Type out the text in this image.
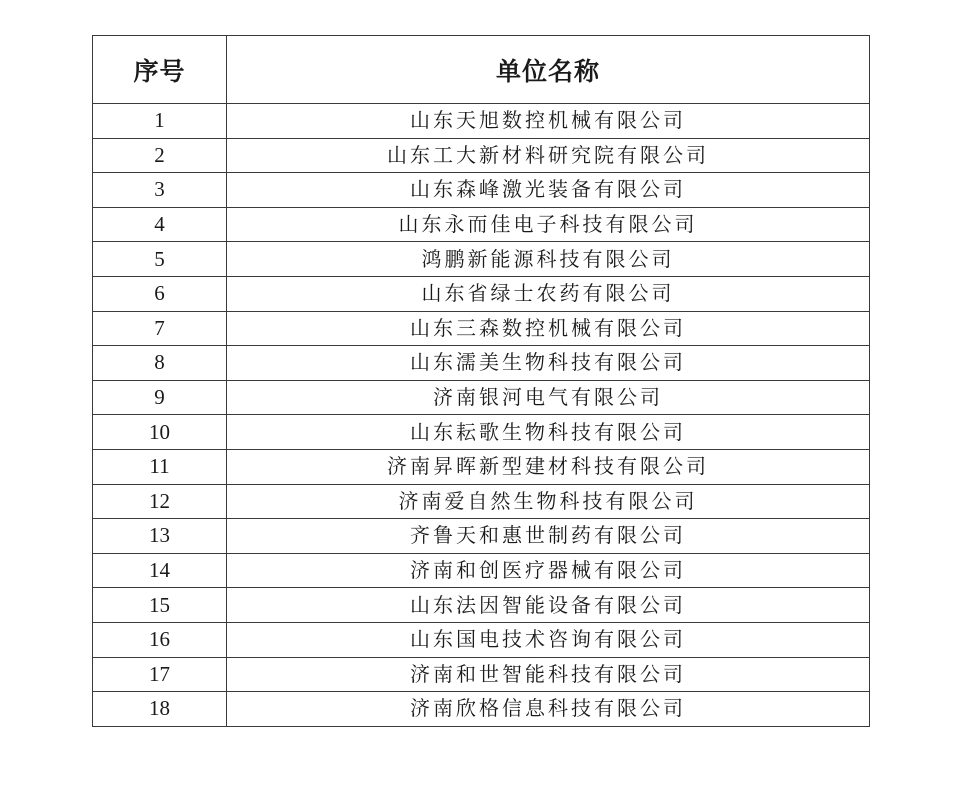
序号	单位名称
1	山东天旭数控机械有限公司
2	山东工大新材料研究院有限公司
3	山东森峰激光装备有限公司
4	山东永而佳电子科技有限公司
5	鸿鹏新能源科技有限公司
6	山东省绿士农药有限公司
7	山东三森数控机械有限公司
8	山东濡美生物科技有限公司
9	济南银河电气有限公司
10	山东耘歌生物科技有限公司
11	济南昇晖新型建材科技有限公司
12	济南爱自然生物科技有限公司
13	齐鲁天和惠世制药有限公司
14	济南和创医疗器械有限公司
15	山东法因智能设备有限公司
16	山东国电技术咨询有限公司
17	济南和世智能科技有限公司
18	济南欣格信息科技有限公司
